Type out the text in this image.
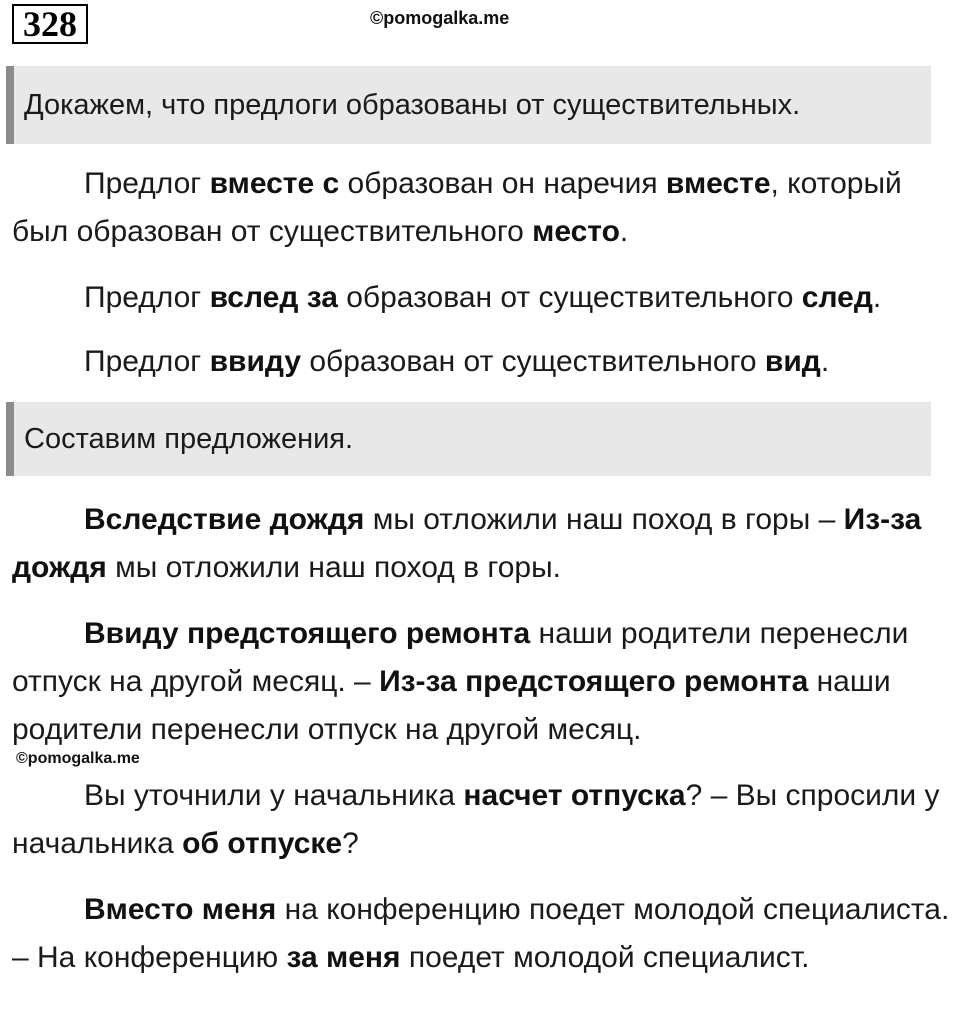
328	©pomogalka.me
Докажем, что предлоги образованы от существительных.

Предлог вместе с образован он наречия вместе, который был образован от существительного место.

Предлог вслед за образован от существительного след.

Предлог ввиду образован от существительного вид.

Составим предложения.

Вследствие дождя мы отложили наш поход в горы – Из-за дождя мы отложили наш поход в горы.

Ввиду предстоящего ремонта наши родители перенесли отпуск на другой месяц. – Из-за предстоящего ремонта наши родители перенесли отпуск на другой месяц.

©pomogalka.me

Вы уточнили у начальника насчет отпуска? – Вы спросили у начальника об отпуске?

Вместо меня на конференцию поедет молодой специалиста. – На конференцию за меня поедет молодой специалист.
